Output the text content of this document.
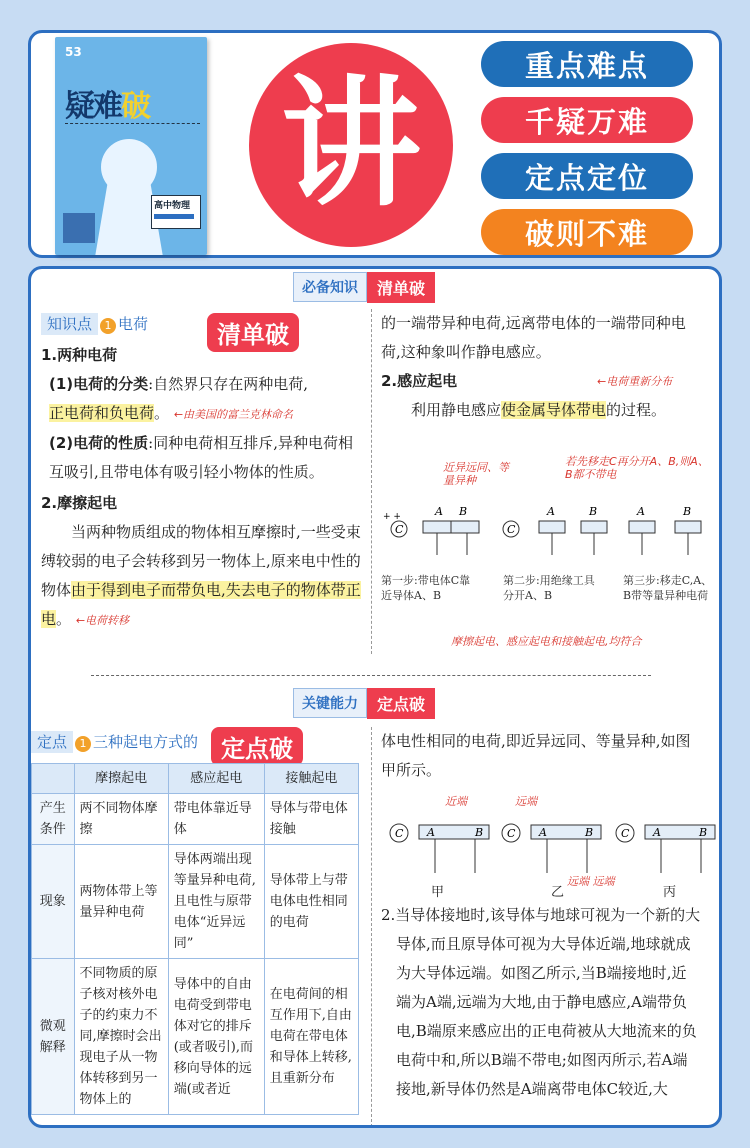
53
疑难破
高中物理 讲	重点难点
千疑万难
定点定位
破则不难
必备知识	清单破
知识点 1 电荷	清单破
1.两种电荷
(1)电荷的分类:自然界只存在两种电荷,
正电荷和负电荷。 ←由美国的富兰克林命名
(2)电荷的性质:同种电荷相互排斥,异种电荷相互吸引,且带电体有吸引轻小物体的性质。
2.摩擦起电
当两种物质组成的物体相互摩擦时,一些受束缚较弱的电子会转移到另一物体上,原来电中性的物体由于得到电子而带负电,失去电子的物体带正电。 ←电荷转移
的一端带异种电荷,远离带电体的一端带同种电荷,这种象叫作静电感应。
2.感应起电
利用静电感应使金属导体带电的过程。
←电荷重新分布
近异远同、等量异种
若先移走C再分开A、B,则A、B都不带电
C
+ +	A B
C
A	B	A	B
第一步:带电体C靠近导体A、B
第二步:用绝缘工具分开A、B
第三步:移走C,A、B带等量异种电荷
摩擦起电、感应起电和接触起电,均符合
关键能力	定点破
定点 1 三种起电方式的 定点破
	摩擦起电	感应起电	接触起电
产生条件	两不同物体摩擦	带电体靠近导体	导体与带电体接触
现象	两物体带上等量异种电荷	导体两端出现等量异种电荷,且电性与原带电体“近异远同”	导体带上与带电体电性相同的电荷
微观解释	不同物质的原子核对核外电子的约束力不同,摩擦时会出现电子从一物体转移到另一物体上的	导体中的自由电荷受到带电体对它的排斥(或者吸引),而移向导体的远端(或者近	在电荷间的相互作用下,自由电荷在带电体和导体上转移,且重新分布
体电性相同的电荷,即近异远同、等量异种,如图甲所示。
C A	B C A	B	C A	B
近端	远端
远端 远端
甲	乙	丙
2.当导体接地时,该导体与地球可视为一个新的大导体,而且原导体可视为大导体近端,地球就成为大导体远端。如图乙所示,当B端接地时,近端为A端,远端为大地,由于静电感应,A端带负电,B端原来感应出的正电荷被从大地流来的负电荷中和,所以B端不带电;如图丙所示,若A端接地,新导体仍然是A端离带电体C较近,大
